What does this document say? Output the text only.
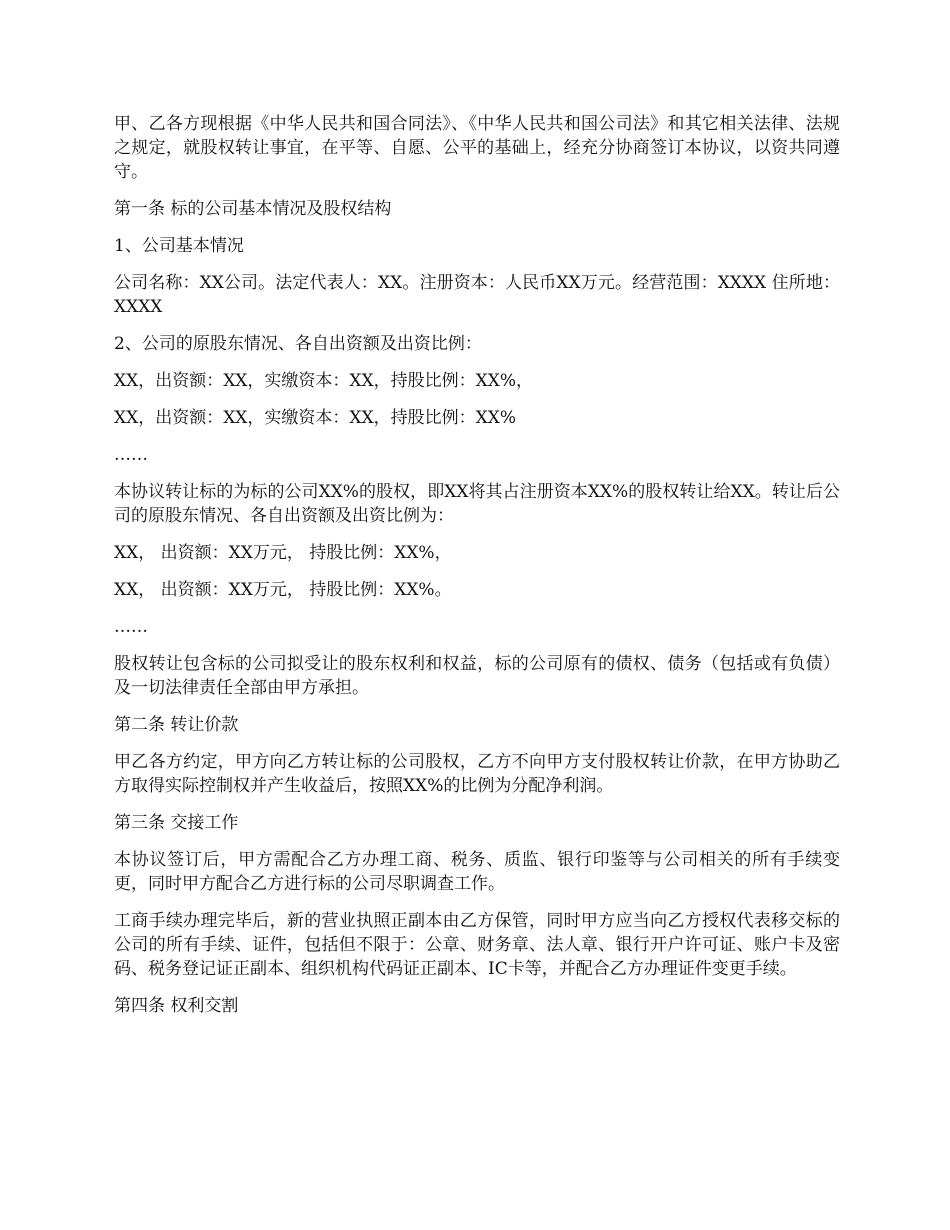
甲、乙各方现根据《中华人民共和国合同法》、《中华人民共和国公司法》和其它相关法律、法规之规定，就股权转让事宜，在平等、自愿、公平的基础上，经充分协商签订本协议，以资共同遵守。

第一条 标的公司基本情况及股权结构

1、公司基本情况

公司名称：XX公司。法定代表人：XX。注册资本：人民币XX万元。经营范围：XXXX 住所地：XXXX

2、公司的原股东情况、各自出资额及出资比例：

XX，出资额：XX，实缴资本：XX，持股比例：XX%，

XX，出资额：XX，实缴资本：XX，持股比例：XX%

……

本协议转让标的为标的公司XX%的股权，即XX将其占注册资本XX%的股权转让给XX。转让后公司的原股东情况、各自出资额及出资比例为：

XX， 出资额：XX万元， 持股比例：XX%，

XX， 出资额：XX万元， 持股比例：XX%。

……

股权转让包含标的公司拟受让的股东权利和权益，标的公司原有的债权、债务（包括或有负债）及一切法律责任全部由甲方承担。

第二条 转让价款

甲乙各方约定，甲方向乙方转让标的公司股权，乙方不向甲方支付股权转让价款，在甲方协助乙方取得实际控制权并产生收益后，按照XX%的比例为分配净利润。

第三条 交接工作

本协议签订后，甲方需配合乙方办理工商、税务、质监、银行印鉴等与公司相关的所有手续变更，同时甲方配合乙方进行标的公司尽职调查工作。

工商手续办理完毕后，新的营业执照正副本由乙方保管，同时甲方应当向乙方授权代表移交标的公司的所有手续、证件，包括但不限于：公章、财务章、法人章、银行开户许可证、账户卡及密码、税务登记证正副本、组织机构代码证正副本、IC卡等，并配合乙方办理证件变更手续。

第四条 权利交割
